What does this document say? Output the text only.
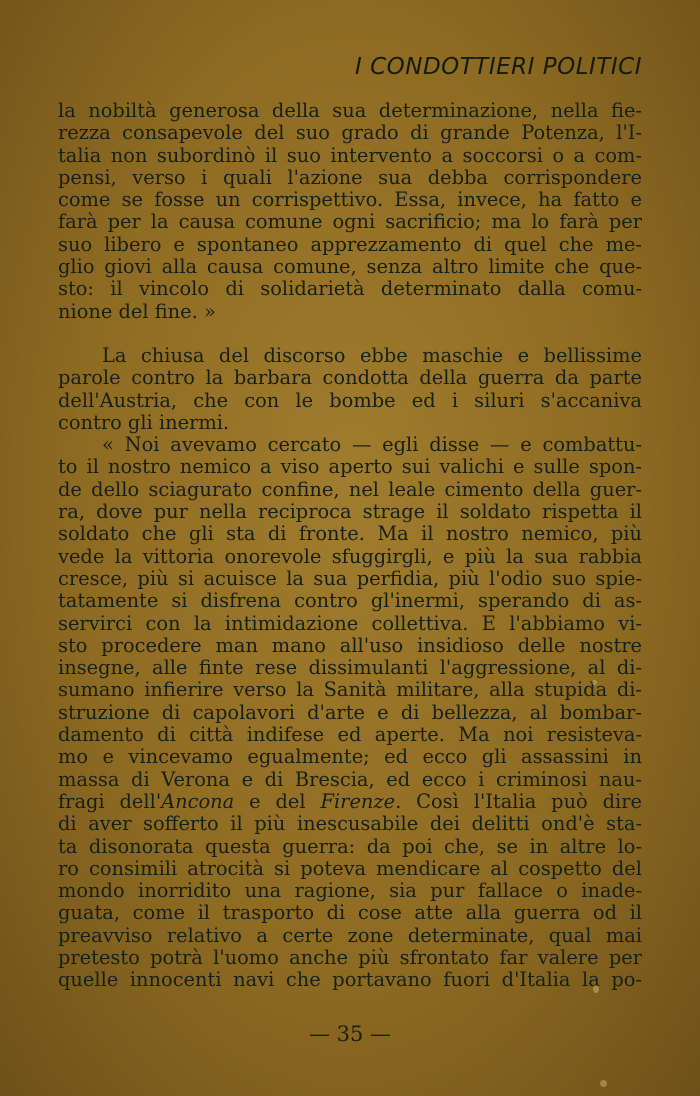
I CONDOTTIERI POLITICI
la nobiltà generosa della sua determinazione, nella fie-
rezza consapevole del suo grado di grande Potenza, l'I-
talia non subordinò il suo intervento a soccorsi o a com-
pensi, verso i quali l'azione sua debba corrispondere
come se fosse un corrispettivo. Essa, invece, ha fatto e
farà per la causa comune ogni sacrificio; ma lo farà per
suo libero e spontaneo apprezzamento di quel che me-
glio giovi alla causa comune, senza altro limite che que-
sto: il vincolo di solidarietà determinato dalla comu-
nione del fine. »
La chiusa del discorso ebbe maschie e bellissime
parole contro la barbara condotta della guerra da parte
dell'Austria, che con le bombe ed i siluri s'accaniva
contro gli inermi.
« Noi avevamo cercato — egli disse — e combattu-
to il nostro nemico a viso aperto sui valichi e sulle spon-
de dello sciagurato confine, nel leale cimento della guer-
ra, dove pur nella reciproca strage il soldato rispetta il
soldato che gli sta di fronte. Ma il nostro nemico, più
vede la vittoria onorevole sfuggirgli, e più la sua rabbia
cresce, più si acuisce la sua perfidia, più l'odio suo spie-
tatamente si disfrena contro gl'inermi, sperando di as-
servirci con la intimidazione collettiva. E l'abbiamo vi-
sto procedere man mano all'uso insidioso delle nostre
insegne, alle finte rese dissimulanti l'aggressione, al di-
sumano infierire verso la Sanità militare, alla stupida di-
struzione di capolavori d'arte e di bellezza, al bombar-
damento di città indifese ed aperte. Ma noi resisteva-
mo e vincevamo egualmente; ed ecco gli assassini in
massa di Verona e di Brescia, ed ecco i criminosi nau-
fragi dell'Ancona e del Firenze. Così l'Italia può dire
di aver sofferto il più inescusabile dei delitti ond'è sta-
ta disonorata questa guerra: da poi che, se in altre lo-
ro consimili atrocità si poteva mendicare al cospetto del
mondo inorridito una ragione, sia pur fallace o inade-
guata, come il trasporto di cose atte alla guerra od il
preavviso relativo a certe zone determinate, qual mai
pretesto potrà l'uomo anche più sfrontato far valere per
quelle innocenti navi che portavano fuori d'Italia la po-
— 35 —
